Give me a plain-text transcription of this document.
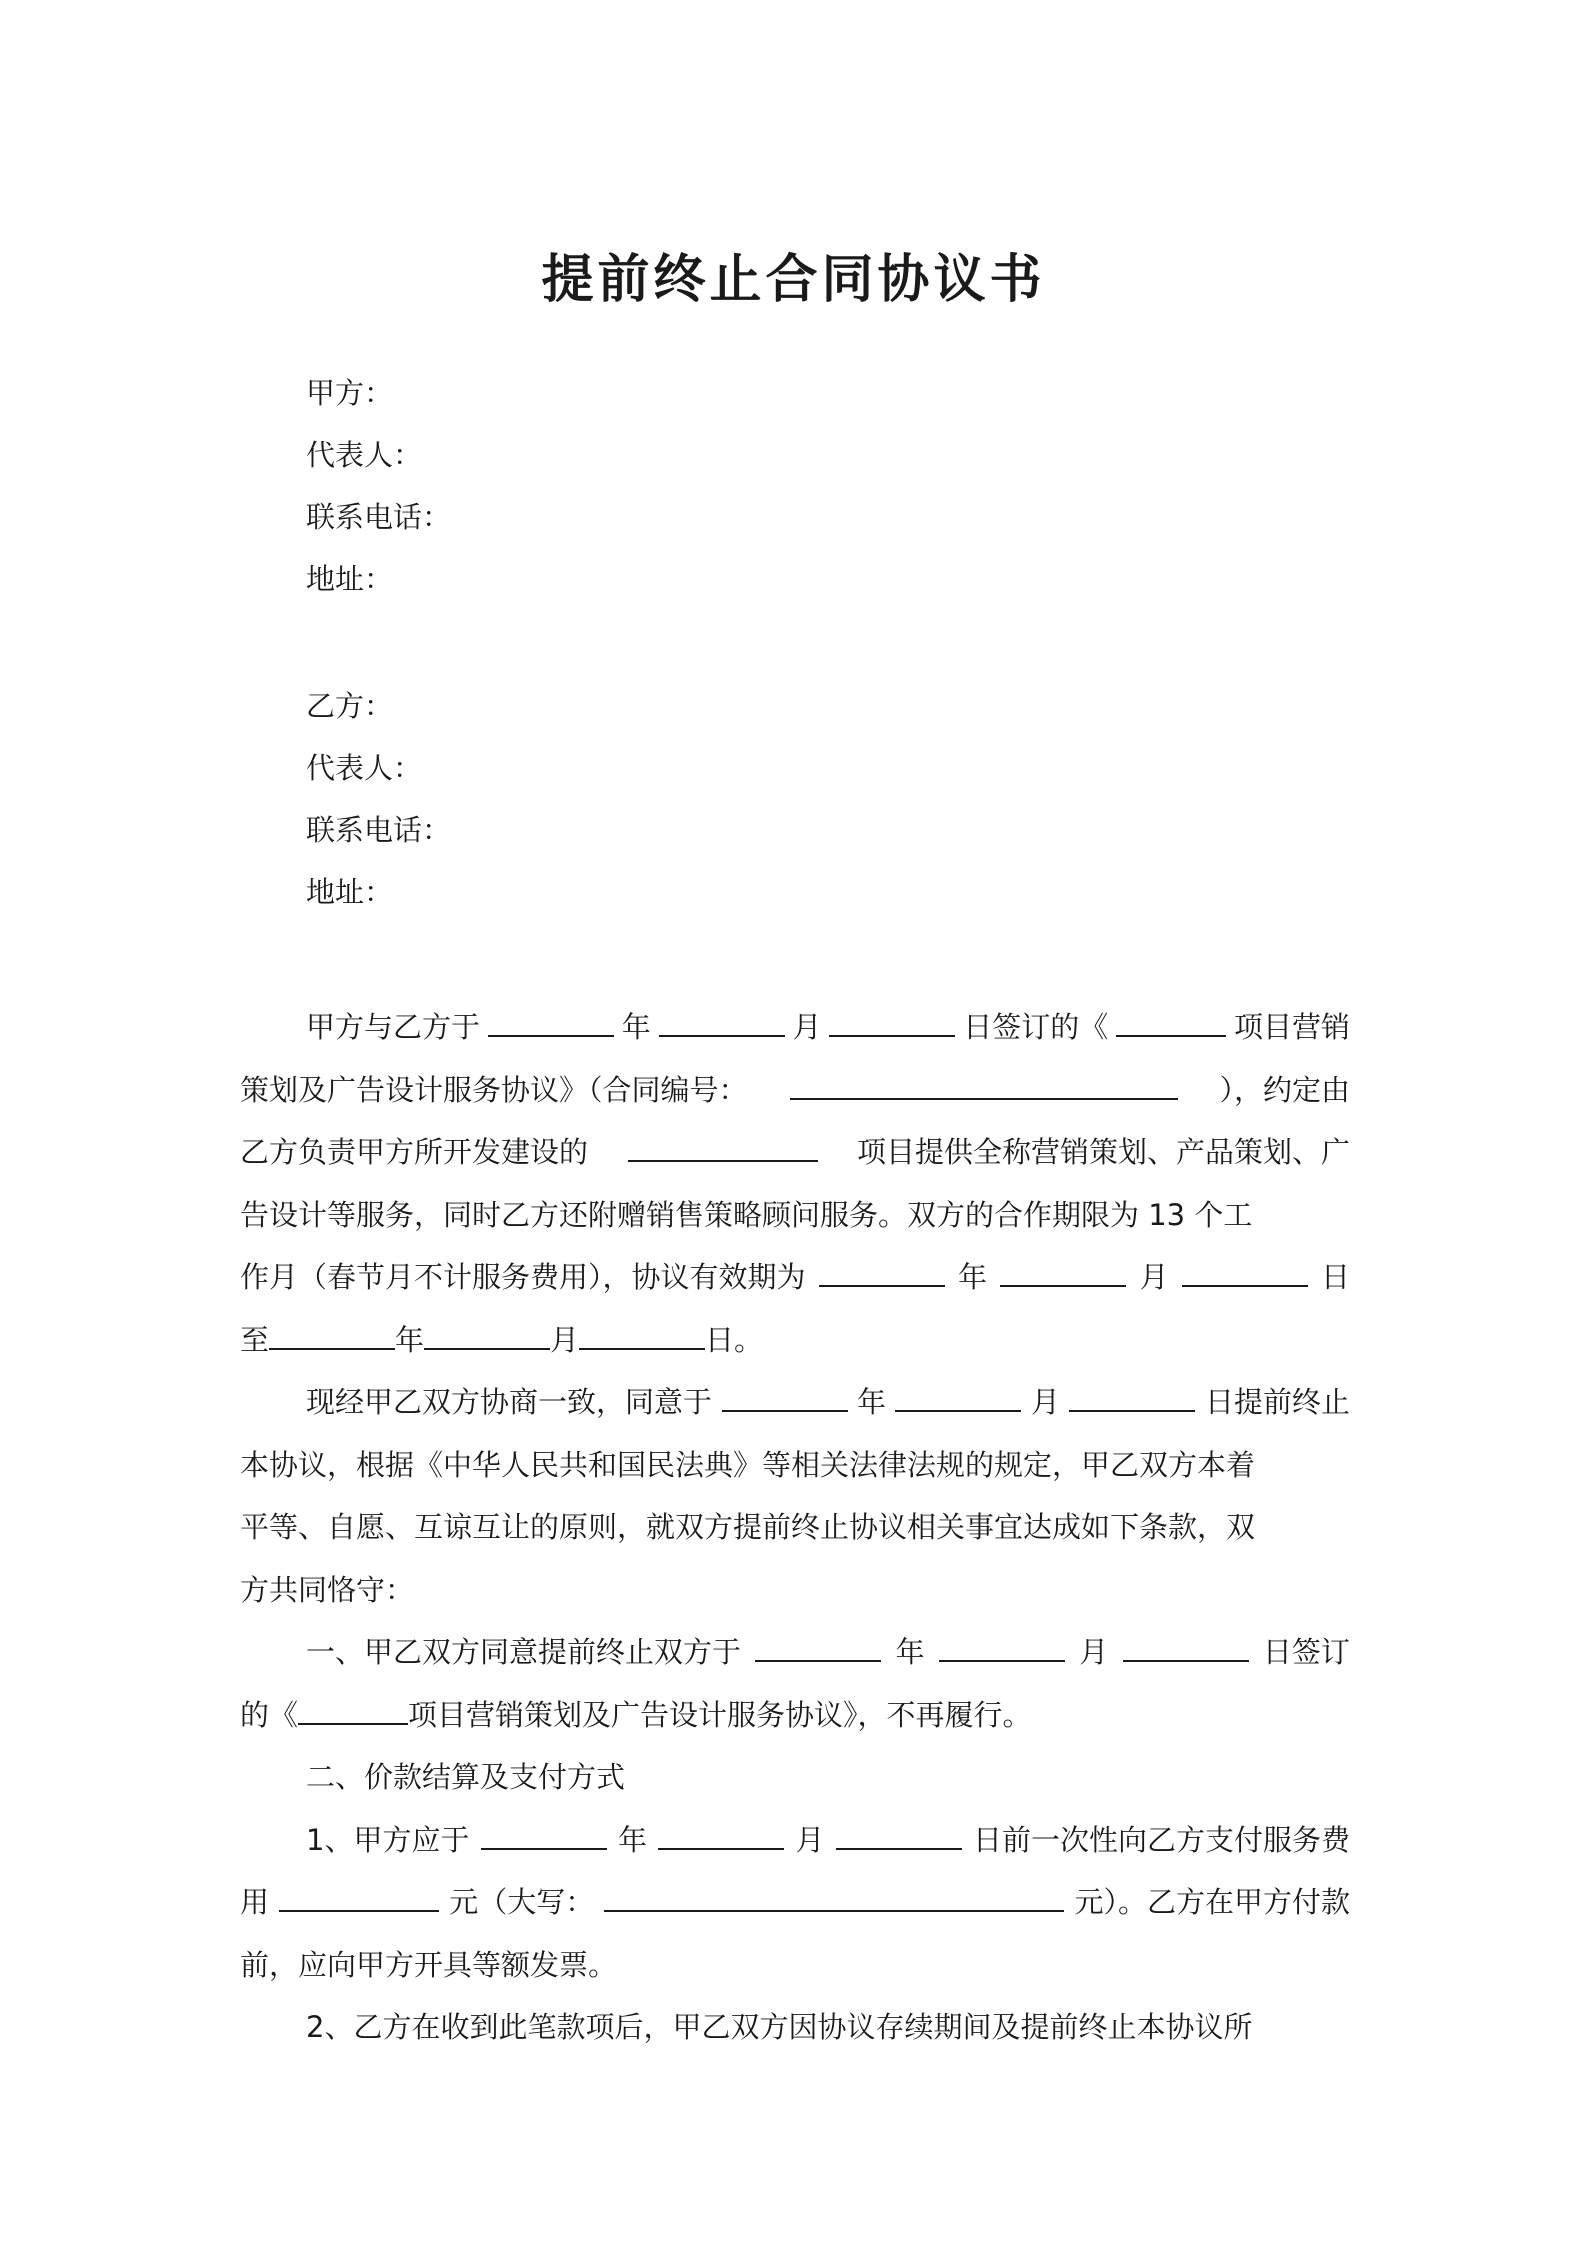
提前终止合同协议书
甲方：
代表人：
联系电话：
地址：
乙方：
代表人：
联系电话：
地址：
甲方与乙方于	年	月	日签订的《	项目营销
策划及广告设计服务协议》（合同编号：	），约定由
乙方负责甲方所开发建设的	项目提供全称营销策划、产品策划、广
告设计等服务，同时乙方还附赠销售策略顾问服务。双方的合作期限为 13 个工
作月（春节月不计服务费用），协议有效期为	年	月	日
至	年	月	日。
现经甲乙双方协商一致，同意于	年	月	日提前终止
本协议，根据《中华人民共和国民法典》等相关法律法规的规定，甲乙双方本着
平等、自愿、互谅互让的原则，就双方提前终止协议相关事宜达成如下条款，双
方共同恪守：
一、甲乙双方同意提前终止双方于	年	月	日签订
的《	项目营销策划及广告设计服务协议》，不再履行。
二、价款结算及支付方式
1、甲方应于	年	月	日前一次性向乙方支付服务费
用	元（大写：	元）。乙方在甲方付款
前，应向甲方开具等额发票。
2、乙方在收到此笔款项后，甲乙双方因协议存续期间及提前终止本协议所
